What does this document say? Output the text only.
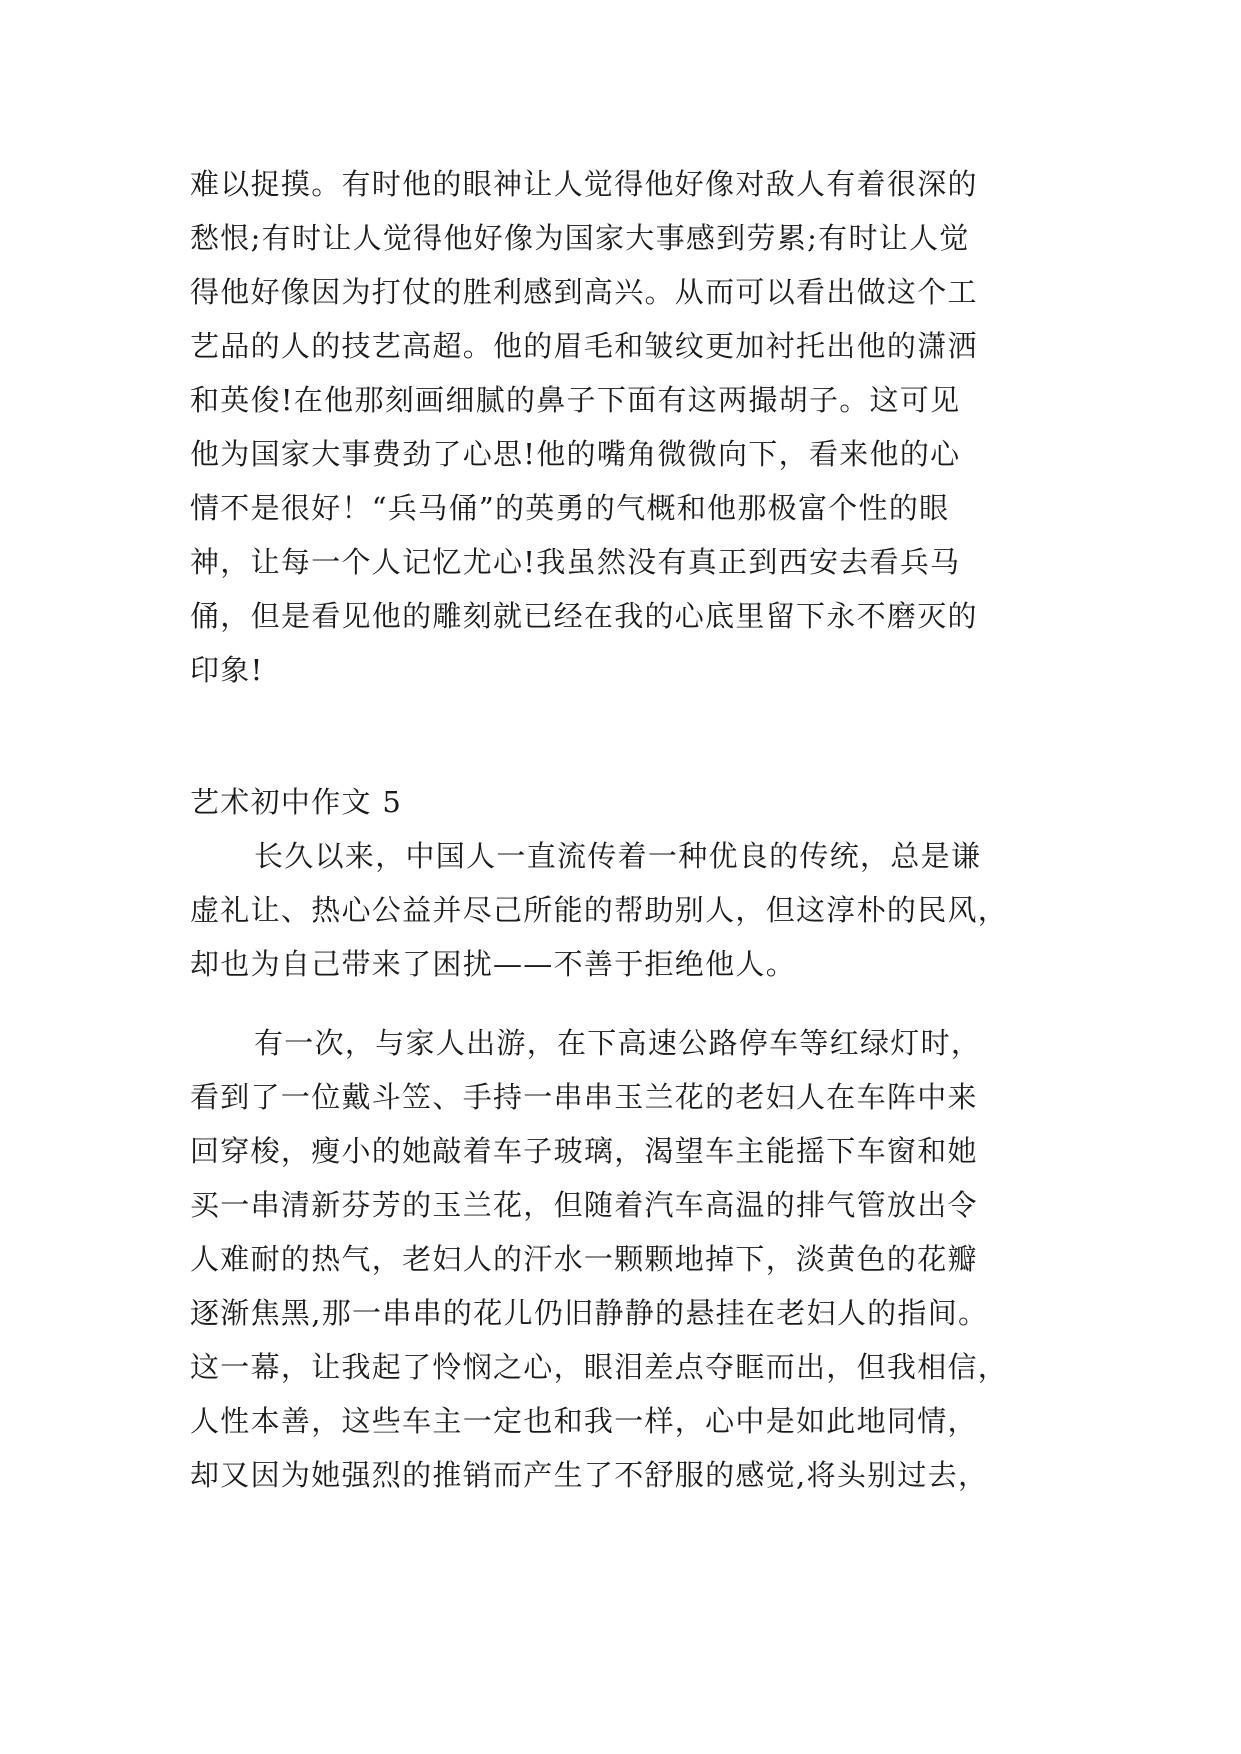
难以捉摸。有时他的眼神让人觉得他好像对敌人有着很深的
愁恨;有时让人觉得他好像为国家大事感到劳累;有时让人觉
得他好像因为打仗的胜利感到高兴。从而可以看出做这个工
艺品的人的技艺高超。他的眉毛和皱纹更加衬托出他的潇洒
和英俊!在他那刻画细腻的鼻子下面有这两撮胡子。这可见
他为国家大事费劲了心思!他的嘴角微微向下，看来他的心
情不是很好！“兵马俑”的英勇的气概和他那极富个性的眼
神，让每一个人记忆尤心!我虽然没有真正到西安去看兵马
俑，但是看见他的雕刻就已经在我的心底里留下永不磨灭的
印象!
艺术初中作文 5
长久以来，中国人一直流传着一种优良的传统，总是谦
虚礼让、热心公益并尽己所能的帮助别人，但这淳朴的民风，
却也为自己带来了困扰——不善于拒绝他人。
有一次，与家人出游，在下高速公路停车等红绿灯时，
看到了一位戴斗笠、手持一串串玉兰花的老妇人在车阵中来
回穿梭，瘦小的她敲着车子玻璃，渴望车主能摇下车窗和她
买一串清新芬芳的玉兰花，但随着汽车高温的排气管放出令
人难耐的热气，老妇人的汗水一颗颗地掉下，淡黄色的花瓣
逐渐焦黑,那一串串的花儿仍旧静静的悬挂在老妇人的指间。
这一幕，让我起了怜悯之心，眼泪差点夺眶而出，但我相信，
人性本善，这些车主一定也和我一样，心中是如此地同情，
却又因为她强烈的推销而产生了不舒服的感觉,将头别过去，
